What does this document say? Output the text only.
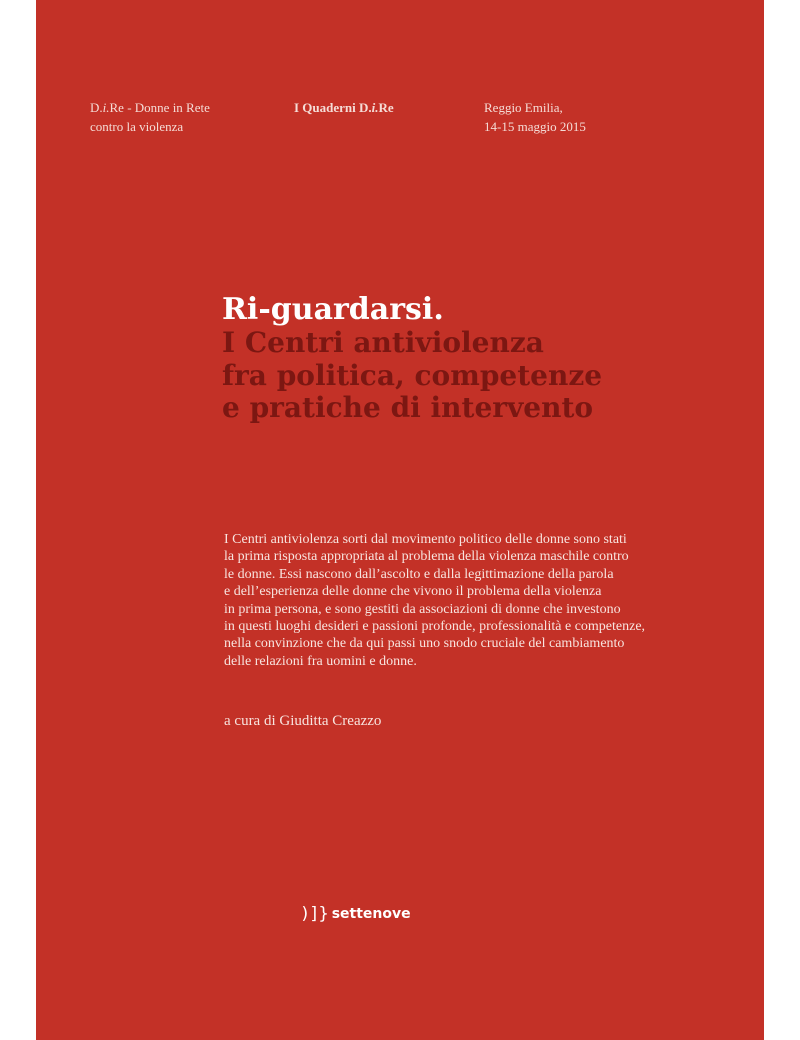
D.i.Re - Donne in Rete
contro la violenza
I Quaderni D.i.Re	Reggio Emilia,
14-15 maggio 2015
Ri-guardarsi.
I Centri antiviolenza
fra politica, competenze
e pratiche di intervento
I Centri antiviolenza sorti dal movimento politico delle donne sono stati
la prima risposta appropriata al problema della violenza maschile contro
le donne. Essi nascono dall’ascolto e dalla legittimazione della parola
e dell’esperienza delle donne che vivono il problema della violenza
in prima persona, e sono gestiti da associazioni di donne che investono
in questi luoghi desideri e passioni profonde, professionalità e competenze,
nella convinzione che da qui passi uno snodo cruciale del cambiamento
delle relazioni fra uomini e donne.
a cura di Giuditta Creazzo
)]} settenove
